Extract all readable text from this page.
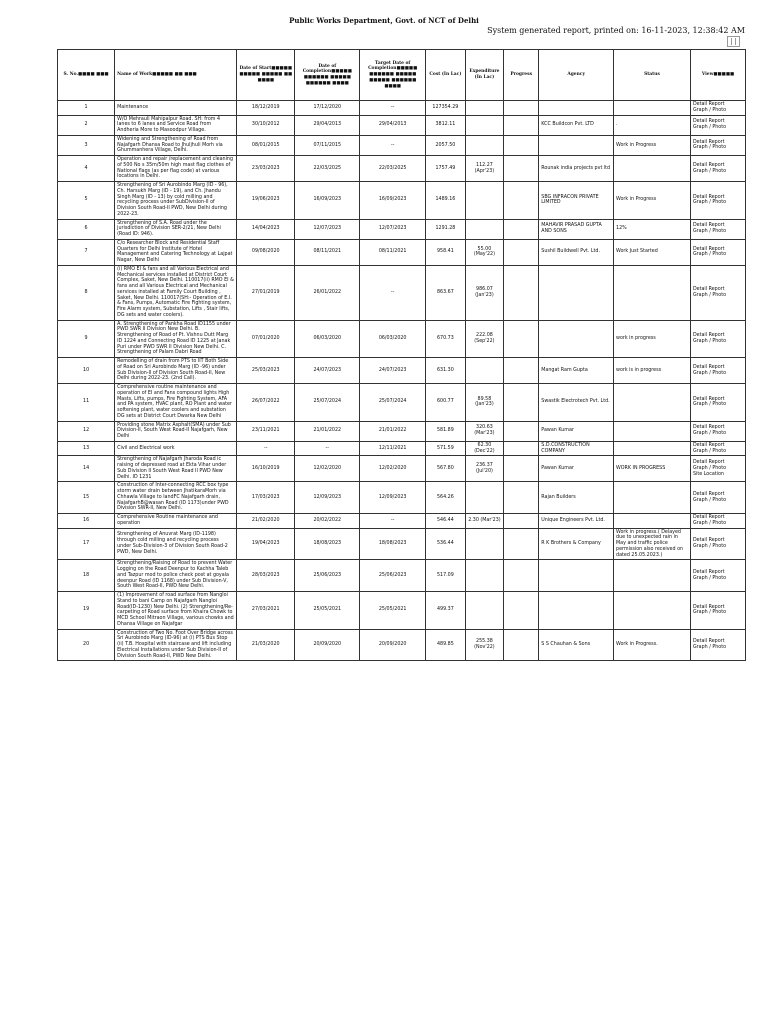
Public Works Department, Govt. of NCT of Delhi
System generated report, printed on: 16-11-2023, 12:38:42 AM
S. No.■■■■ ■■■	Name of Work■■■■■ ■■ ■■■	Date of Start■■■■■ ■■■■■ ■■■■■ ■■ ■■■■	Date of Completion■■■■■ ■■■■■■ ■■■■■ ■■■■■■ ■■■■	Target Date of Completion■■■■■ ■■■■■■ ■■■■■ ■■■■■ ■■■■■■ ■■■■	Cost (In Lac)	Expenditure (In Lac)	Progress	Agency	Status	View■■■■■
1	Maintenance	18/12/2019	17/12/2020	--	127354.29					Detail Report
Graph / Photo

2	W/O Mehrauli Mahipalpur Road. SH: from 4 lanes to 6 lanes and Service Road from Andheria More to Masoodpur Village.	30/10/2012	29/04/2013	29/04/2013	3812.11			KCC Buildcon Pvt. LTD	.	Detail Report
Graph / Photo

3	Widening and Strengthening of Road from Najafgarh Dhansa Road to Jhuljhuli Morh via Ghummanhera Village, Delhi.	08/01/2015	07/11/2015	--	2057.50				Work in Progress	Detail Report
Graph / Photo

4	Operation and repair /replacement and cleaning of 500 No s 35m/50m high mast flag clothes of National flags (as per flag code) at various locations in Delhi.	23/03/2023	22/03/2025	22/03/2025	1757.49	112.27 (Apr'23)		Rounak india projects pvt ltd		Detail Report
Graph / Photo

5	Strengthening of Sri Aurobindo Marg (ID - 96), Ch. Harsukh Marg (ID - 19), and Ch. Jhandu Singh Marg (ID - 13) by cold milling and recycling process under SubDivision-II of Division South Road-II PWD, New Delhi during 2022-23.	19/06/2023	16/09/2023	16/09/2023	1489.16			SBG INFRACON PRIVATE LIMITED	Work in Progress	Detail Report
Graph / Photo

6	Strengthening of S.A. Road under the jurisdiction of Division SER-2/21, New Delhi (Road ID: 946).	14/04/2023	12/07/2023	12/07/2023	1291.28			MAHAVIR PRASAD GUPTA AND SONS	12%	Detail Report
Graph / Photo

7	C/o Researcher Block and Residential Staff Quarters for Delhi Institute of Hotel Management and Catering Technology at Lajpat Nagar, New Delhi	09/08/2020	08/11/2021	08/11/2021	958.41	55.00 (May'22)		Sushil Buildwell Pvt. Ltd.	Work Just Started	Detail Report
Graph / Photo

8	(i) RMO EI & fans and all Various Electrical and Mechanical services installed at District Court Complex, Saket, New Delhi. 110017(ii) RMO EI & fans and all Various Electrical and Mechanical services installed at Family Court Building , Saket, New Delhi. 110017(SH:- Operation of E.I. & Fans, Pumps, Automatic Fire Fighting system, Fire Alarm system, Substation, Lifts , Stair lifts, DG sets and water coolers).	27/01/2019	26/01/2022	--	863.67	986.07 (Jan'23)				Detail Report
Graph / Photo

9	A. Strengthening of Pankha Road ID1155 under PWD SWR II Division New Delhi. B. Strengthening of Road of Pt. Vishnu Dutt Marg ID 1224 and Connecting Road ID 1225 at Janak Puri under PWD SWR II Division New Delhi. C. Strengthening of Palam Dabri Road	07/01/2020	06/03/2020	06/03/2020	670.73	222.08 (Sep'22)			work in progress	Detail Report
Graph / Photo

10	Remodelling of drain from PTS to IIT Both Side of Road on Sri Aurobindo Marg (ID -96) under Sub Division-II of Division South Road-II, New Delhi during 2022-23. (2nd Call).	25/03/2023	24/07/2023	24/07/2023	631.30			Mangat Ram Gupta	work is in progress	Detail Report
Graph / Photo

11	Comprehensive routine maintenance and operation of EI and Fans compound lights High Masts, Lifts, pumps, Fire Fighting System, AFA and PA system, HVAC plant, RO Plant and water softening plant, water coolers and substation DG sets at District Court Dwarka New Delhi	26/07/2022	25/07/2024	25/07/2024	600.77	89.58 (Jan'23)		Swastik Electrotech Pvt. Ltd.		Detail Report
Graph / Photo

12	Providing stone Matrix Asphalt(SMA) under Sub Division-II, South West Road-II Najafgarh, New Delhi	23/11/2021	21/01/2022	21/01/2022	581.89	320.63 (Mar'23)		Pawan Kumar		Detail Report
Graph / Photo

13	Civil and Electrical work	--	--	12/11/2021	571.59	62.30 (Dec'22)		S.D.CONSTRUCTION COMPANY		Detail Report
Graph / Photo

14	Strengthening of Najafgarh Jharoda Road ic raising of depressed road at Ekta Vihar under Sub Division II South West Road II PWD New Delhi. ID 1231	16/10/2019	12/02/2020	12/02/2020	567.80	236.37 (Jul'20)		Pawan Kumar	WORK IN PROGRESS	Detail Report
Graph / Photo
Site Location

15	Construction of Inter-connecting RCC box type storm water drain between JhatikaraMorh via Chhawla Village to landFC Najafgarh drain, NajafgarhB@wasan Road (ID 1173)under PWD Division SWR-II, New Delhi.	17/03/2023	12/09/2023	12/09/2023	564.26			Rajan Builders		Detail Report
Graph / Photo

16	Comprehensive Routine maintenance and operation	21/02/2020	20/02/2022	--	546.44	2.30 (Mar'23)		Unique Engineers Pvt. Ltd.		Detail Report
Graph / Photo

17	Strengthening of Anuvrat Marg (ID-1198) through cold milling and recycling process under Sub-Division-3 of Division South Road-2 PWD, New Delhi.	19/04/2023	18/08/2023	18/08/2023	536.44			R K Brothers & Company	Work in progress.( Delayed due to unexpected rain in May and traffic police permission also received on dated 25.05.2023.)	Detail Report
Graph / Photo

18	Strengthening/Raising of Road to prevent Water Logging on the Road Deenpur to Kachha Taleb and Tazpur mod to police check post at goyala deenpur Road (ID 1168) under Sub Division-V, South West Road-II, PWD New Delhi.	28/03/2023	25/06/2023	25/06/2023	517.09					Detail Report
Graph / Photo

19	(1) Improvement of road surface from Nangloi Stand to bani Camp on Najafgarh Nangloi Road(ID-1230) New Delhi. (2) Strengthening/Re-carpeting of Road surface from Khaira Chowk to MCD School Mitraon Village, various chowks and Dhansa Village on Najafgar	27/03/2021	25/05/2021	25/05/2021	499.37					Detail Report
Graph / Photo

20	Construction of Two No. Foot Over Bridge across Sri Aurobindo Marg (ID-96) at (i) PTS Bus Stop (ii) T.B. Hospital with staircase and lift including Electrical Installations under Sub Division-II of Division South Road-II, PWD New Delhi.	21/03/2020	20/09/2020	20/09/2020	489.85	255.38 (Nov'22)		S S Chauhan & Sons	Work in Progress.	Detail Report
Graph / Photo
